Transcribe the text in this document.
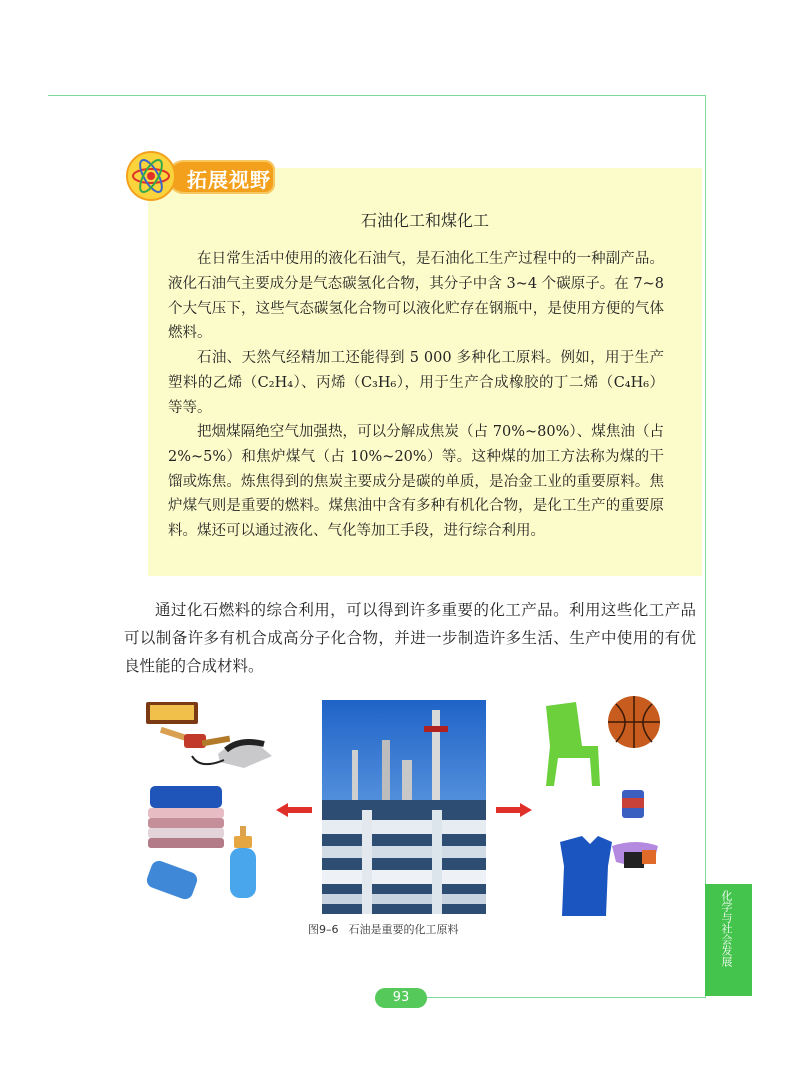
拓展视野
石油化工和煤化工

在日常生活中使用的液化石油气，是石油化工生产过程中的一种副产品。液化石油气主要成分是气态碳氢化合物，其分子中含 3~4 个碳原子。在 7~8 个大气压下，这些气态碳氢化合物可以液化贮存在钢瓶中，是使用方便的气体燃料。

石油、天然气经精加工还能得到 5 000 多种化工原料。例如，用于生产塑料的乙烯（C₂H₄）、丙烯（C₃H₆），用于生产合成橡胶的丁二烯（C₄H₆）等等。

把烟煤隔绝空气加强热，可以分解成焦炭（占 70%~80%）、煤焦油（占 2%~5%）和焦炉煤气（占 10%~20%）等。这种煤的加工方法称为煤的干馏或炼焦。炼焦得到的焦炭主要成分是碳的单质，是冶金工业的重要原料。焦炉煤气则是重要的燃料。煤焦油中含有多种有机化合物，是化工生产的重要原料。煤还可以通过液化、气化等加工手段，进行综合利用。

通过化石燃料的综合利用，可以得到许多重要的化工产品。利用这些化工产品可以制备许多有机合成高分子化合物，并进一步制造许多生活、生产中使用的有优良性能的合成材料。

图9–6 石油是重要的化工原料	化学与社会发展
93
